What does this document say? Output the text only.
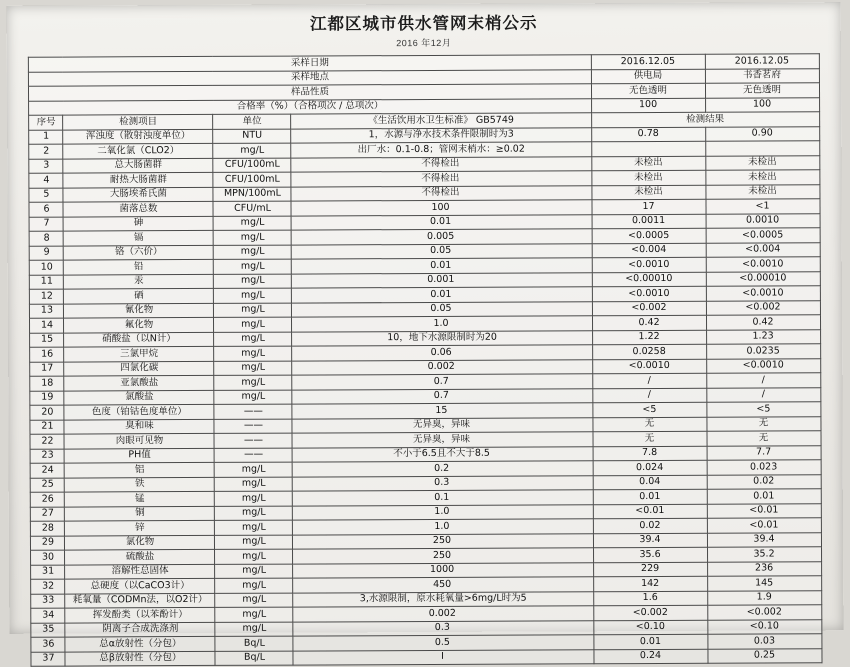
江都区城市供水管网末梢公示
2016 年12月
采样日期				2016.12.05	2016.12.05
采样地点				供电局	书香茗府
样品性质				无色透明	无色透明
合格率（%）（合格项次 / 总项次）				100	100
序号	检测项目	单位	《生活饮用水卫生标准》 GB5749	检测结果	
1	浑浊度（散射浊度单位）	NTU	1，水源与净水技术条件限制时为3	0.78	0.90
2	二氧化氯（CLO2）	mg/L	出厂水：0.1-0.8；管网末梢水：≥0.02		
3	总大肠菌群	CFU/100mL	不得检出	未检出	未检出
4	耐热大肠菌群	CFU/100mL	不得检出	未检出	未检出
5	大肠埃希氏菌	MPN/100mL	不得检出	未检出	未检出
6	菌落总数	CFU/mL	100	17	<1
7	砷	mg/L	0.01	0.0011	0.0010
8	镉	mg/L	0.005	<0.0005	<0.0005
9	铬（六价）	mg/L	0.05	<0.004	<0.004
10	铅	mg/L	0.01	<0.0010	<0.0010
11	汞	mg/L	0.001	<0.00010	<0.00010
12	硒	mg/L	0.01	<0.0010	<0.0010
13	氰化物	mg/L	0.05	<0.002	<0.002
14	氟化物	mg/L	1.0	0.42	0.42
15	硝酸盐（以N计）	mg/L	10，地下水源限制时为20	1.22	1.23
16	三氯甲烷	mg/L	0.06	0.0258	0.0235
17	四氯化碳	mg/L	0.002	<0.0010	<0.0010
18	亚氯酸盐	mg/L	0.7	/	/
19	氯酸盐	mg/L	0.7	/	/
20	色度（铂钴色度单位）	——	15	<5	<5
21	臭和味	——	无异臭，异味	无	无
22	肉眼可见物	——	无异臭，异味	无	无
23	PH值	——	不小于6.5且不大于8.5	7.8	7.7
24	铝	mg/L	0.2	0.024	0.023
25	铁	mg/L	0.3	0.04	0.02
26	锰	mg/L	0.1	0.01	0.01
27	铜	mg/L	1.0	<0.01	<0.01
28	锌	mg/L	1.0	0.02	<0.01
29	氯化物	mg/L	250	39.4	39.4
30	硫酸盐	mg/L	250	35.6	35.2
31	溶解性总固体	mg/L	1000	229	236
32	总硬度（以CaCO3计）	mg/L	450	142	145
33	耗氧量（CODMn法，以O2计）	mg/L	3,水源限制，原水耗氧量>6mg/L时为5	1.6	1.9
34	挥发酚类（以苯酚计）	mg/L	0.002	<0.002	<0.002
35	阴离子合成洗涤剂	mg/L	0.3	<0.10	<0.10
36	总α放射性（分包）	Bq/L	0.5	0.01	0.03
37	总β放射性（分包）	Bq/L	I	0.24	0.25
